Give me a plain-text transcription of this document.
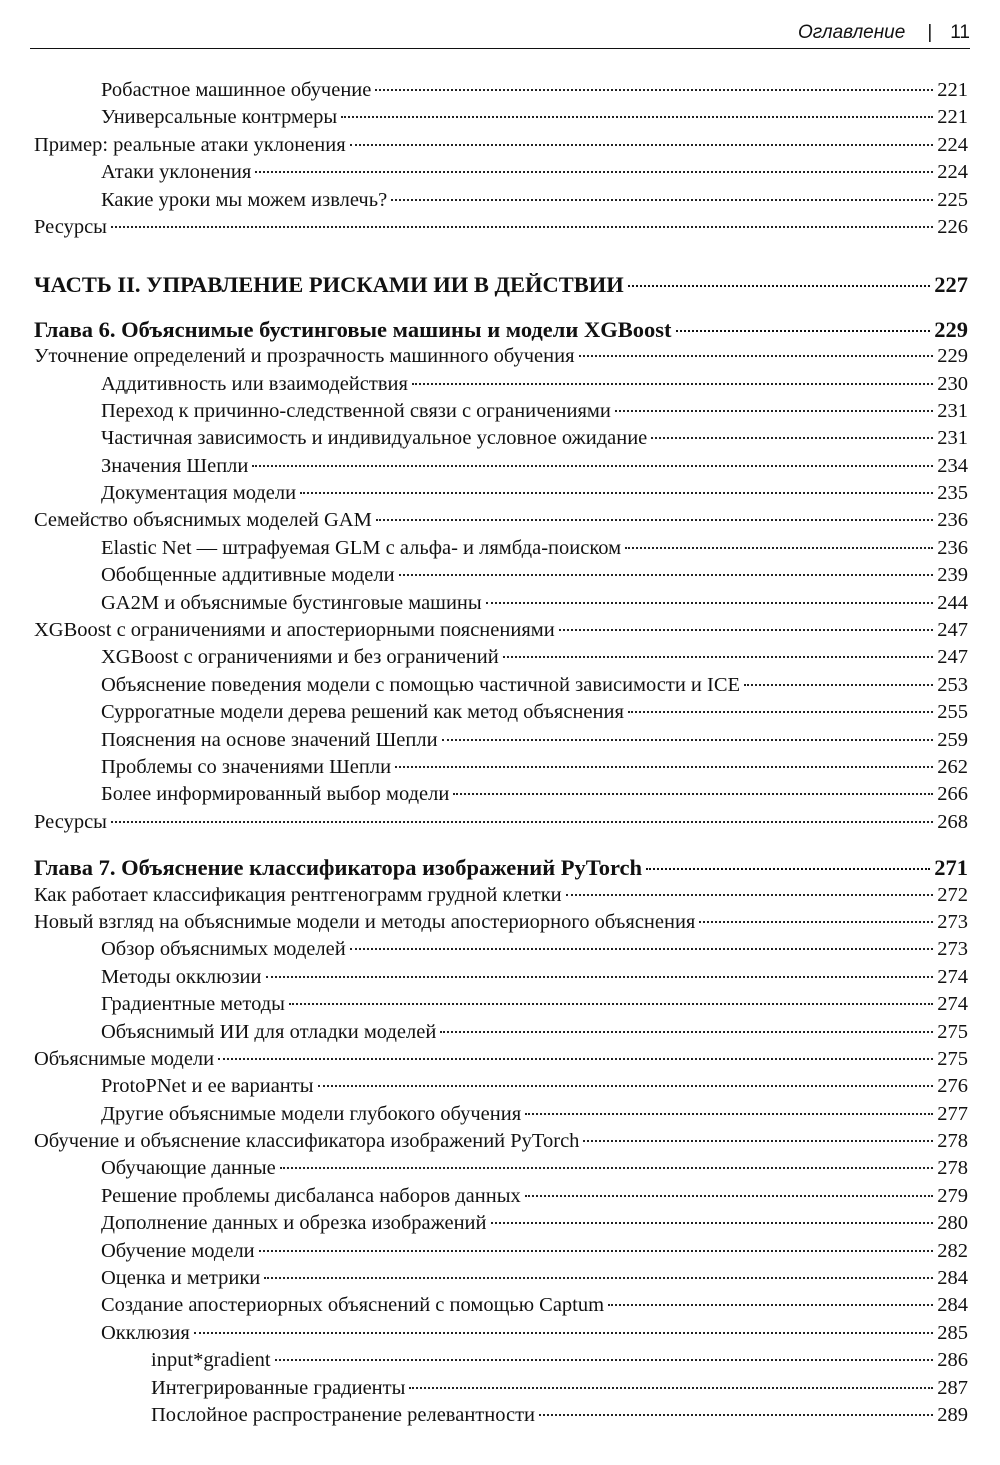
Оглавление | 11
Робастное машинное обучение	221
Универсальные контрмеры	221
Пример: реальные атаки уклонения	224
Атаки уклонения	224
Какие уроки мы можем извлечь?	225
Ресурсы	226
ЧАСТЬ II. УПРАВЛЕНИЕ РИСКАМИ ИИ В ДЕЙСТВИИ	227
Глава 6. Объяснимые бустинговые машины и модели XGBoost	229
Уточнение определений и прозрачность машинного обучения	229
Аддитивность или взаимодействия	230
Переход к причинно-следственной связи с ограничениями	231
Частичная зависимость и индивидуальное условное ожидание	231
Значения Шепли	234
Документация модели	235
Семейство объяснимых моделей GAM	236
Elastic Net — штрафуемая GLM с альфа- и лямбда-поиском	236
Обобщенные аддитивные модели	239
GA2M и объяснимые бустинговые машины	244
XGBoost с ограничениями и апостериорными пояснениями	247
XGBoost с ограничениями и без ограничений	247
Объяснение поведения модели с помощью частичной зависимости и ICE	253
Суррогатные модели дерева решений как метод объяснения	255
Пояснения на основе значений Шепли	259
Проблемы со значениями Шепли	262
Более информированный выбор модели	266
Ресурсы	268
Глава 7. Объяснение классификатора изображений PyTorch	271
Как работает классификация рентгенограмм грудной клетки	272
Новый взгляд на объяснимые модели и методы апостериорного объяснения	273
Обзор объяснимых моделей	273
Методы окклюзии	274
Градиентные методы	274
Объяснимый ИИ для отладки моделей	275
Объяснимые модели	275
ProtoPNet и ее варианты	276
Другие объяснимые модели глубокого обучения	277
Обучение и объяснение классификатора изображений PyTorch	278
Обучающие данные	278
Решение проблемы дисбаланса наборов данных	279
Дополнение данных и обрезка изображений	280
Обучение модели	282
Оценка и метрики	284
Создание апостериорных объяснений с помощью Captum	284
Окклюзия	285
input*gradient	286
Интегрированные градиенты	287
Послойное распространение релевантности	289
